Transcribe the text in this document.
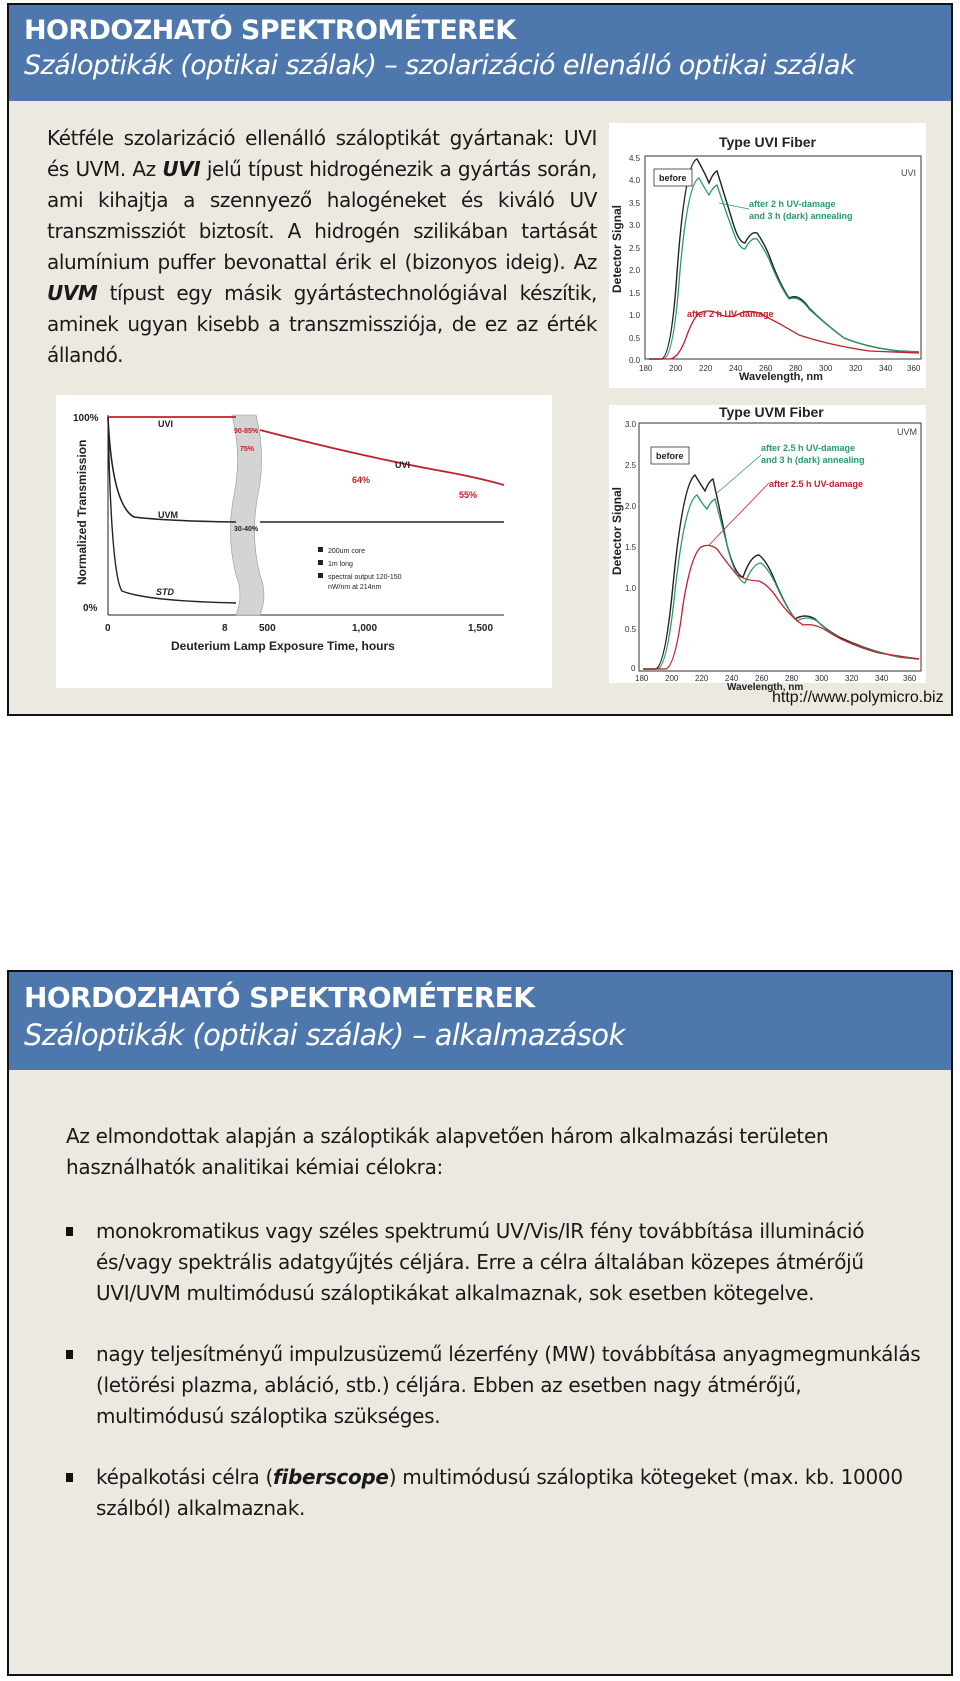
HORDOZHATÓ SPEKTROMÉTEREK
Száloptikák (optikai szálak) – szolarizáció ellenálló optikai szálak

Kétféle szolarizáció ellenálló száloptikát gyártanak: UVI és UVM. Az UVI jelű típust hidrogénezik a gyártás során, ami kihajtja a szennyező halogéneket és kiváló UV transzmissziót biztosít. A hidrogén szilikában tartását alumínium puffer bevonattal érik el (bizonyos ideig). Az UVM típust egy másik gyártástechnológiával készítik, aminek ugyan kisebb a transzmissziója, de ez az érték állandó.

Type UVI Fiber
UVI
Detector Signal
Wavelength, nm
4.5
4.0
3.5
3.0
2.5
2.0
1.5
1.0
0.5
0.0
180 200 220 240 260 280 300 320 340 360
before
after 2 h UV-damage
and 3 h (dark) annealing
after 2 h UV-damage
Normalized Transmission
100%
0%
UVI
UVI
UVM
STD
90-85%
75%
64%
55%
30-40%
200um core
1m long
spectral output 120-150
nW/nm at 214nm
0	8	500	1,000	1,500
Deuterium Lamp Exposure Time, hours
Type UVM Fiber
UVM
Detector Signal
3.0
2.5
2.0
1.5
1.0
0.5
0
180 200 220 240 260 280 300 320 340 360
Wavelength, nm
before
after 2.5 h UV-damage
and 3 h (dark) annealing
after 2.5 h UV-damage
http://www.polymicro.biz
HORDOZHATÓ SPEKTROMÉTEREK
Száloptikák (optikai szálak) – alkalmazások

Az elmondottak alapján a száloptikák alapvetően három alkalmazási területen használhatók analitikai kémiai célokra:

monokromatikus vagy széles spektrumú UV/Vis/IR fény továbbítása illumináció és/vagy spektrális adatgyűjtés céljára. Erre a célra általában közepes átmérőjű UVI/UVM multimódusú száloptikákat alkalmaznak, sok esetben kötegelve.
nagy teljesítményű impulzusüzemű lézerfény (MW) továbbítása anyagmegmunkálás (letörési plazma, abláció, stb.) céljára. Ebben az esetben nagy átmérőjű, multimódusú száloptika szükséges.
képalkotási célra (fiberscope) multimódusú száloptika kötegeket (max. kb. 10000 szálból) alkalmaznak.
